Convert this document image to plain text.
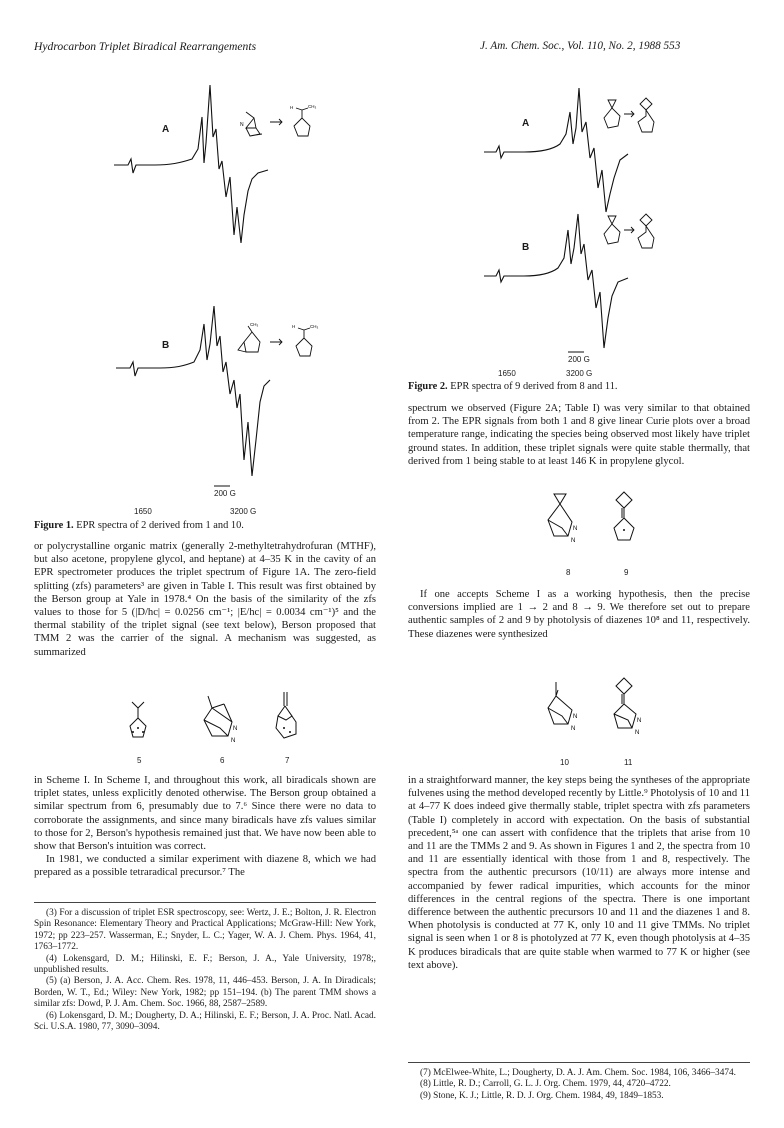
Hydrocarbon Triplet Biradical Rearrangements	J. Am. Chem. Soc., Vol. 110, No. 2, 1988 553
A
B
N
H	CH₃
CH₃	H	CH₃
200 G
1650	3200 G
Figure 1. EPR spectra of 2 derived from 1 and 10.

or polycrystalline organic matrix (generally 2-methyltetrahydrofuran (MTHF), but also acetone, propylene glycol, and heptane) at 4–35 K in the cavity of an EPR spectrometer produces the triplet spectrum of Figure 1A. The zero-field splitting (zfs) parameters³ are given in Table I. This result was first obtained by the Berson group at Yale in 1978.⁴ On the basis of the similarity of the zfs values to those for 5 (|D/hc| = 0.0256 cm⁻¹; |E/hc| = 0.0034 cm⁻¹)⁵ and the thermal stability of the triplet signal (see text below), Berson proposed that TMM 2 was the carrier of the signal. A mechanism was suggested, as summarized

N
N
5	6	7

in Scheme I. In Scheme I, and throughout this work, all biradicals shown are triplet states, unless explicitly denoted otherwise. The Berson group obtained a similar spectrum from 6, presumably due to 7.⁶ Since there were no data to corroborate the assignments, and since many biradicals have zfs values similar to those for 2, Berson's hypothesis remained just that. We have now been able to show that Berson's intuition was correct.

In 1981, we conducted a similar experiment with diazene 8, which we had prepared as a possible tetraradical precursor.⁷ The

(3) For a discussion of triplet ESR spectroscopy, see: Wertz, J. E.; Bolton, J. R. Electron Spin Resonance: Elementary Theory and Practical Applications; McGraw-Hill: New York, 1972; pp 223–257. Wasserman, E.; Snyder, L. C.; Yager, W. A. J. Chem. Phys. 1964, 41, 1763–1772.

(4) Lokensgard, D. M.; Hilinski, E. F.; Berson, J. A., Yale University, 1978;, unpublished results.

(5) (a) Berson, J. A. Acc. Chem. Res. 1978, 11, 446–453. Berson, J. A. In Diradicals; Borden, W. T., Ed.; Wiley: New York, 1982; pp 151–194. (b) The parent TMM shows a similar zfs: Dowd, P. J. Am. Chem. Soc. 1966, 88, 2587–2589.

(6) Lokensgard, D. M.; Dougherty, D. A.; Hilinski, E. F.; Berson, J. A. Proc. Natl. Acad. Sci. U.S.A. 1980, 77, 3090–3094.

A
B
200 G
1650	3200 G
Figure 2. EPR spectra of 9 derived from 8 and 11.

spectrum we observed (Figure 2A; Table I) was very similar to that obtained from 2. The EPR signals from both 1 and 8 give linear Curie plots over a broad temperature range, indicating the species being observed most likely have triplet ground states. In addition, these triplet signals were quite stable thermally, that derived from 1 being stable to at least 146 K in propylene glycol.

N
N
8	9

If one accepts Scheme I as a working hypothesis, then the precise conversions implied are 1 → 2 and 8 → 9. We therefore set out to prepare authentic samples of 2 and 9 by photolysis of diazenes 10⁸ and 11, respectively. These diazenes were synthesized

N
N
N
N
10	11

in a straightforward manner, the key steps being the syntheses of the appropriate fulvenes using the method developed recently by Little.⁹ Photolysis of 10 and 11 at 4–77 K does indeed give thermally stable, triplet spectra with zfs parameters (Table I) completely in accord with expectation. On the basis of substantial precedent,⁵ᵃ one can assert with confidence that the triplets that arise from 10 and 11 are the TMMs 2 and 9. As shown in Figures 1 and 2, the spectra from 10 and 11 are essentially identical with those from 1 and 8, respectively. The spectra from the authentic precursors (10/11) are always more intense and accompanied by fewer radical impurities, which accounts for the minor differences in the central regions of the spectra. There is one important difference between the authentic precursors 10 and 11 and the diazenes 1 and 8. When photolysis is conducted at 77 K, only 10 and 11 give TMMs. No triplet signal is seen when 1 or 8 is photolyzed at 77 K, even though photolysis at 4–35 K produces biradicals that are quite stable when warmed to 77 K or higher (see text above).

(7) McElwee-White, L.; Dougherty, D. A. J. Am. Chem. Soc. 1984, 106, 3466–3474.

(8) Little, R. D.; Carroll, G. L. J. Org. Chem. 1979, 44, 4720–4722.

(9) Stone, K. J.; Little, R. D. J. Org. Chem. 1984, 49, 1849–1853.
